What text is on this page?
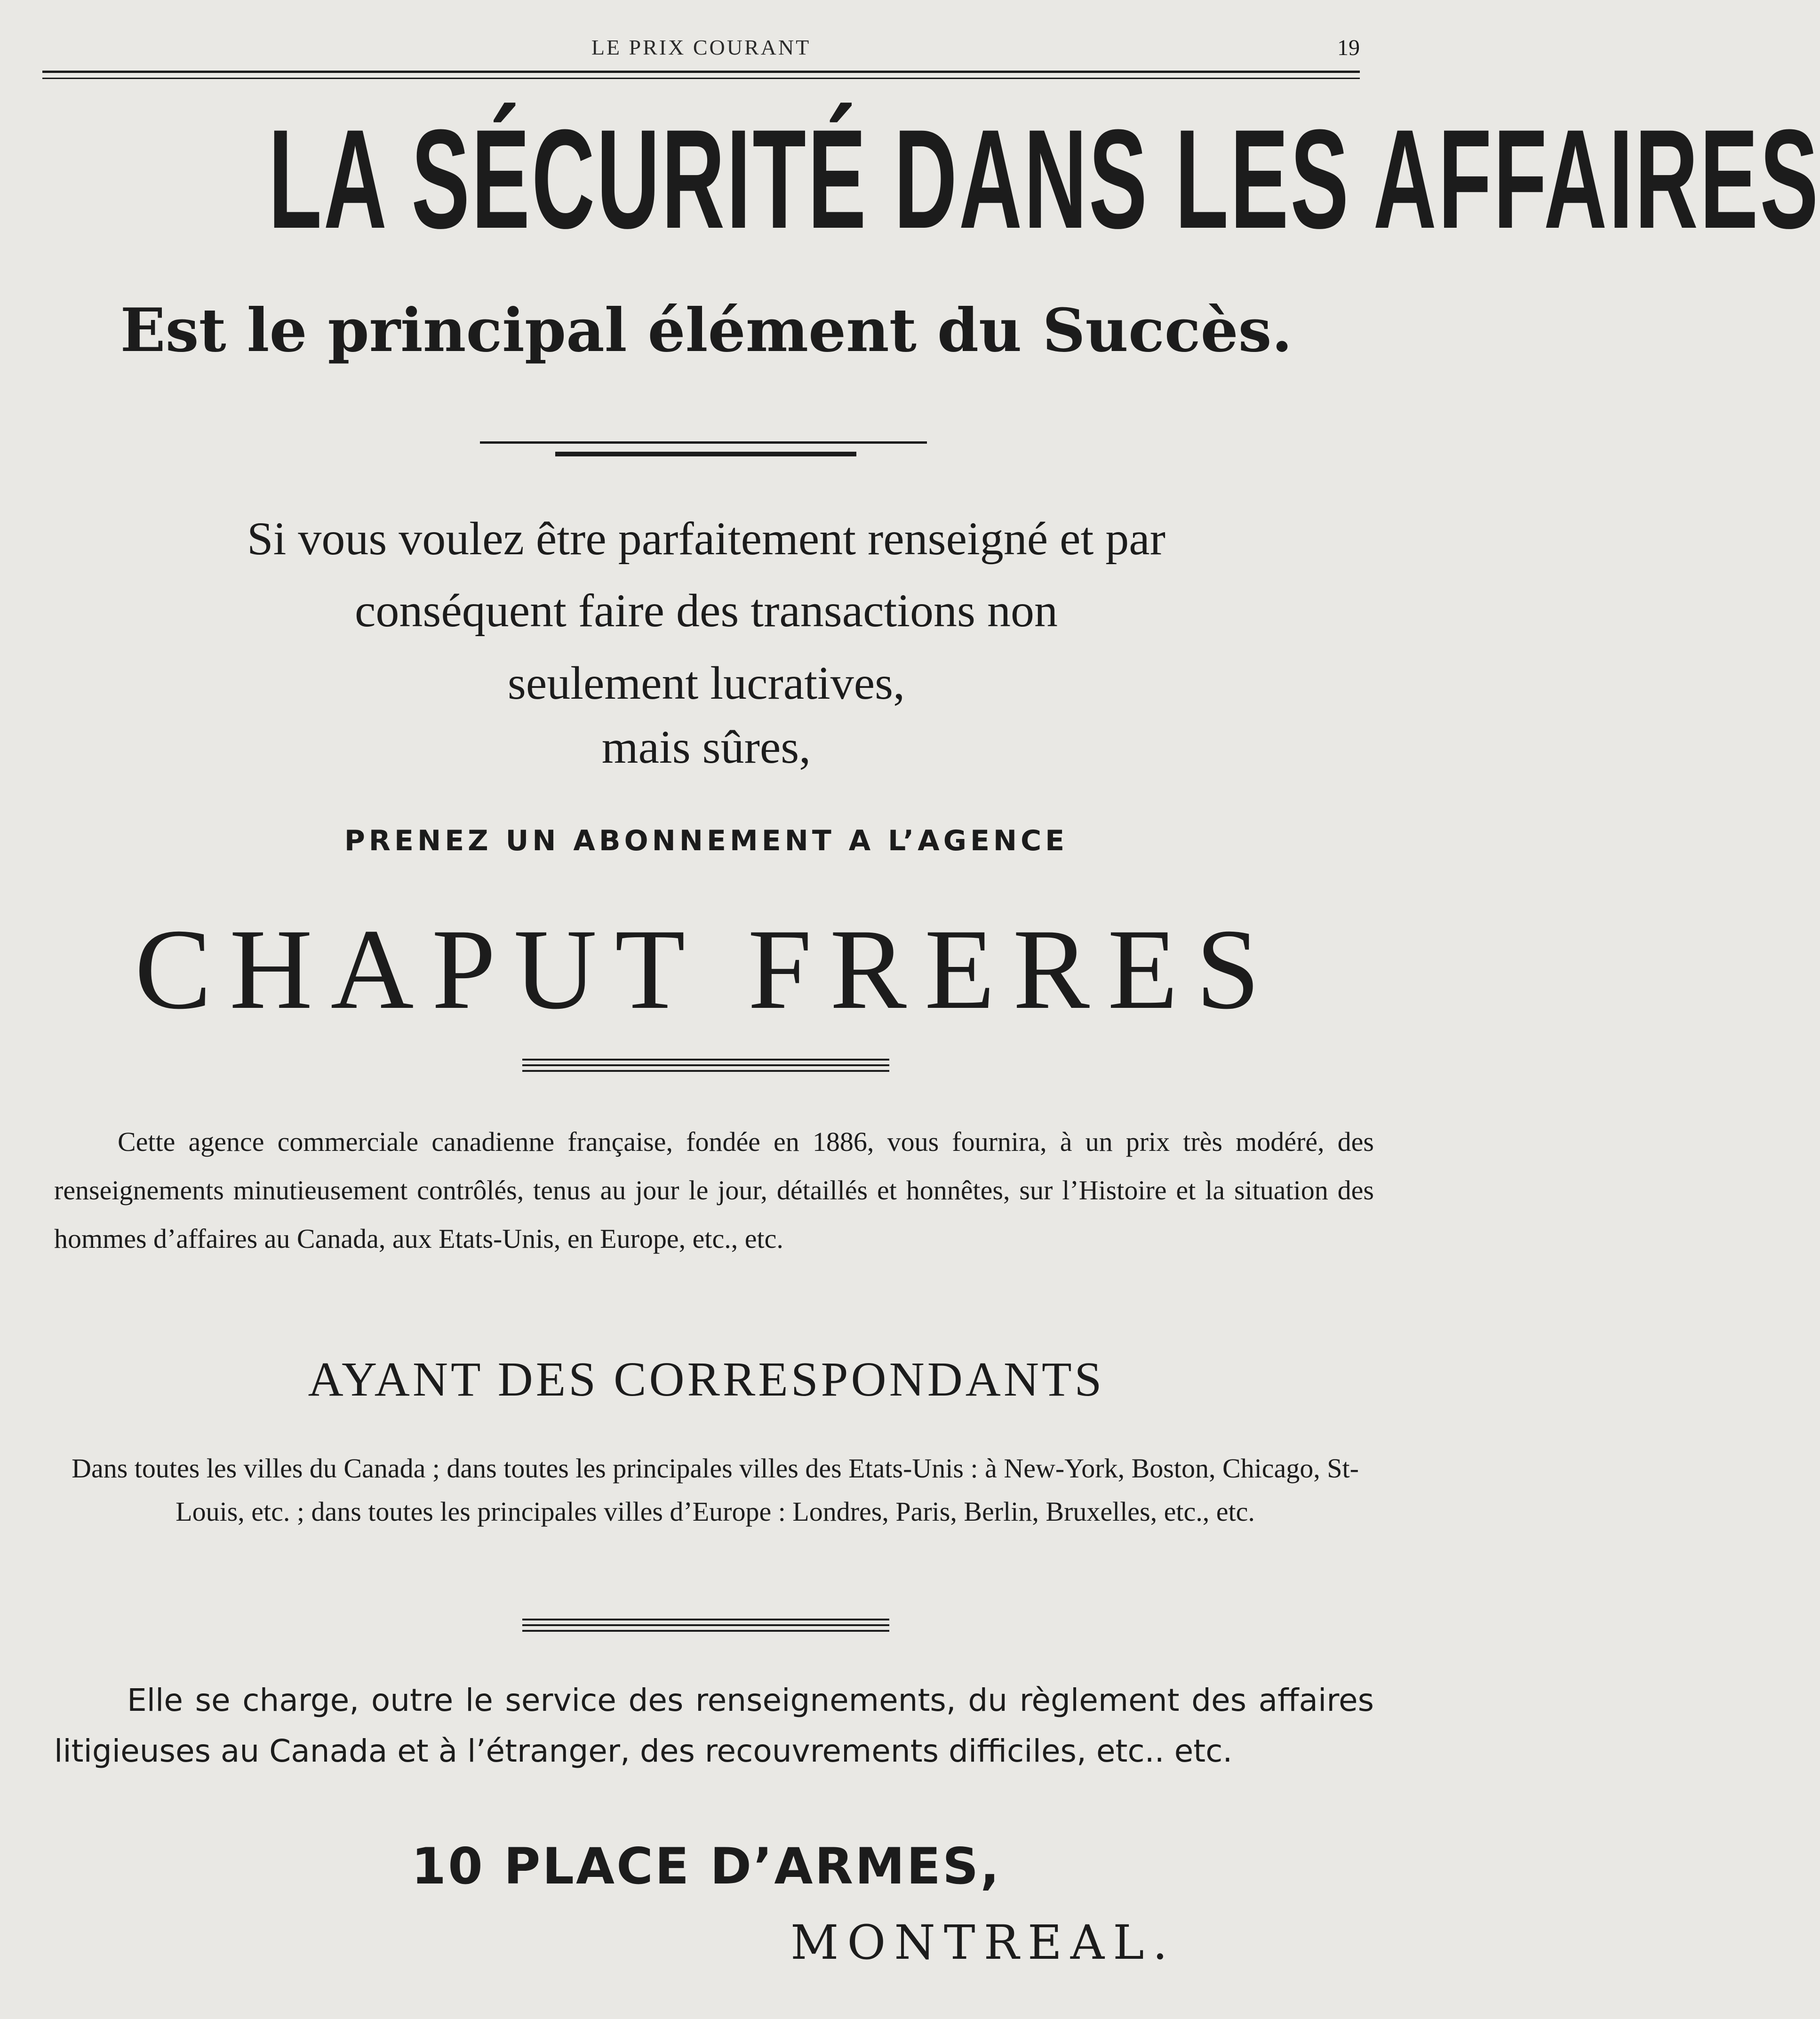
LE PRIX COURANT	19
LA SÉCURITÉ DANS LES AFFAIRES
Est le principal élément du Succès.
Si vous voulez être parfaitement renseigné et par
conséquent faire des transactions non
seulement lucratives,
mais sûres,
PRENEZ UN ABONNEMENT A L’AGENCE
CHAPUT FRERES
Cette agence commerciale canadienne française, fondée en 1886, vous fournira, à un prix très modéré, des renseignements minutieusement contrôlés, tenus au jour le jour, détaillés et honnêtes, sur l’Histoire et la situation des hommes d’affaires au Canada, aux Etats-Unis, en Europe, etc., etc.
AYANT DES CORRESPONDANTS
Dans toutes les villes du Canada ; dans toutes les principales villes des Etats-Unis : à New-York, Boston, Chicago, St-Louis, etc. ; dans toutes les principales villes d’Europe : Londres, Paris, Berlin, Bruxelles, etc., etc.
Elle se charge, outre le service des renseignements, du règlement des affaires litigieuses au Canada et à l’étranger, des recouvrements difficiles, etc.. etc.
10 PLACE D’ARMES,
MONTREAL.
